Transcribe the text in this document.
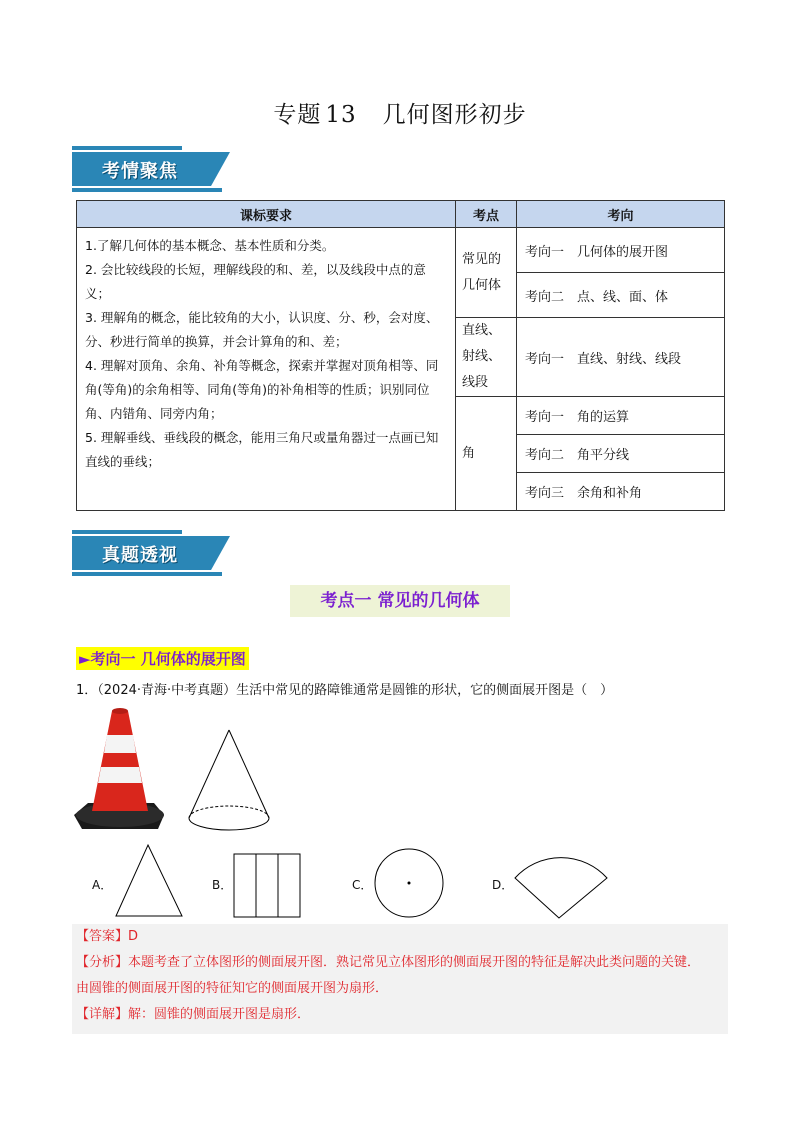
专题 13 几何图形初步
考情聚焦
课标要求	考点	考向

1.了解几何体的基本概念、基本性质和分类。
2. 会比较线段的长短，理解线段的和、差，以及线段中点的意义；
3. 理解角的概念，能比较角的大小，认识度、分、秒，会对度、分、秒进行简单的换算，并会计算角的和、差；
4. 理解对顶角、余角、补角等概念，探索并掌握对顶角相等、同角(等角)的余角相等、同角(等角)的补角相等的性质；识别同位角、内错角、同旁内角；
5. 理解垂线、垂线段的概念，能用三角尺或量角器过一点画已知直线的垂线；	常见的几何体	考向一　几何体的展开图
		考向二　点、线、面、体
	直线、射线、线段	考向一　直线、射线、线段
	角	考向一　角的运算
		考向二　角平分线
		考向三　余角和补角
真题透视
考点一 常见的几何体
►考向一 几何体的展开图
1．（2024·青海·中考真题）生活中常见的路障锥通常是圆锥的形状，它的侧面展开图是（　）
A．	B．	C．	D．
【答案】D
【分析】本题考查了立体图形的侧面展开图．熟记常见立体图形的侧面展开图的特征是解决此类问题的关键．
由圆锥的侧面展开图的特征知它的侧面展开图为扇形．
【详解】解：圆锥的侧面展开图是扇形．
